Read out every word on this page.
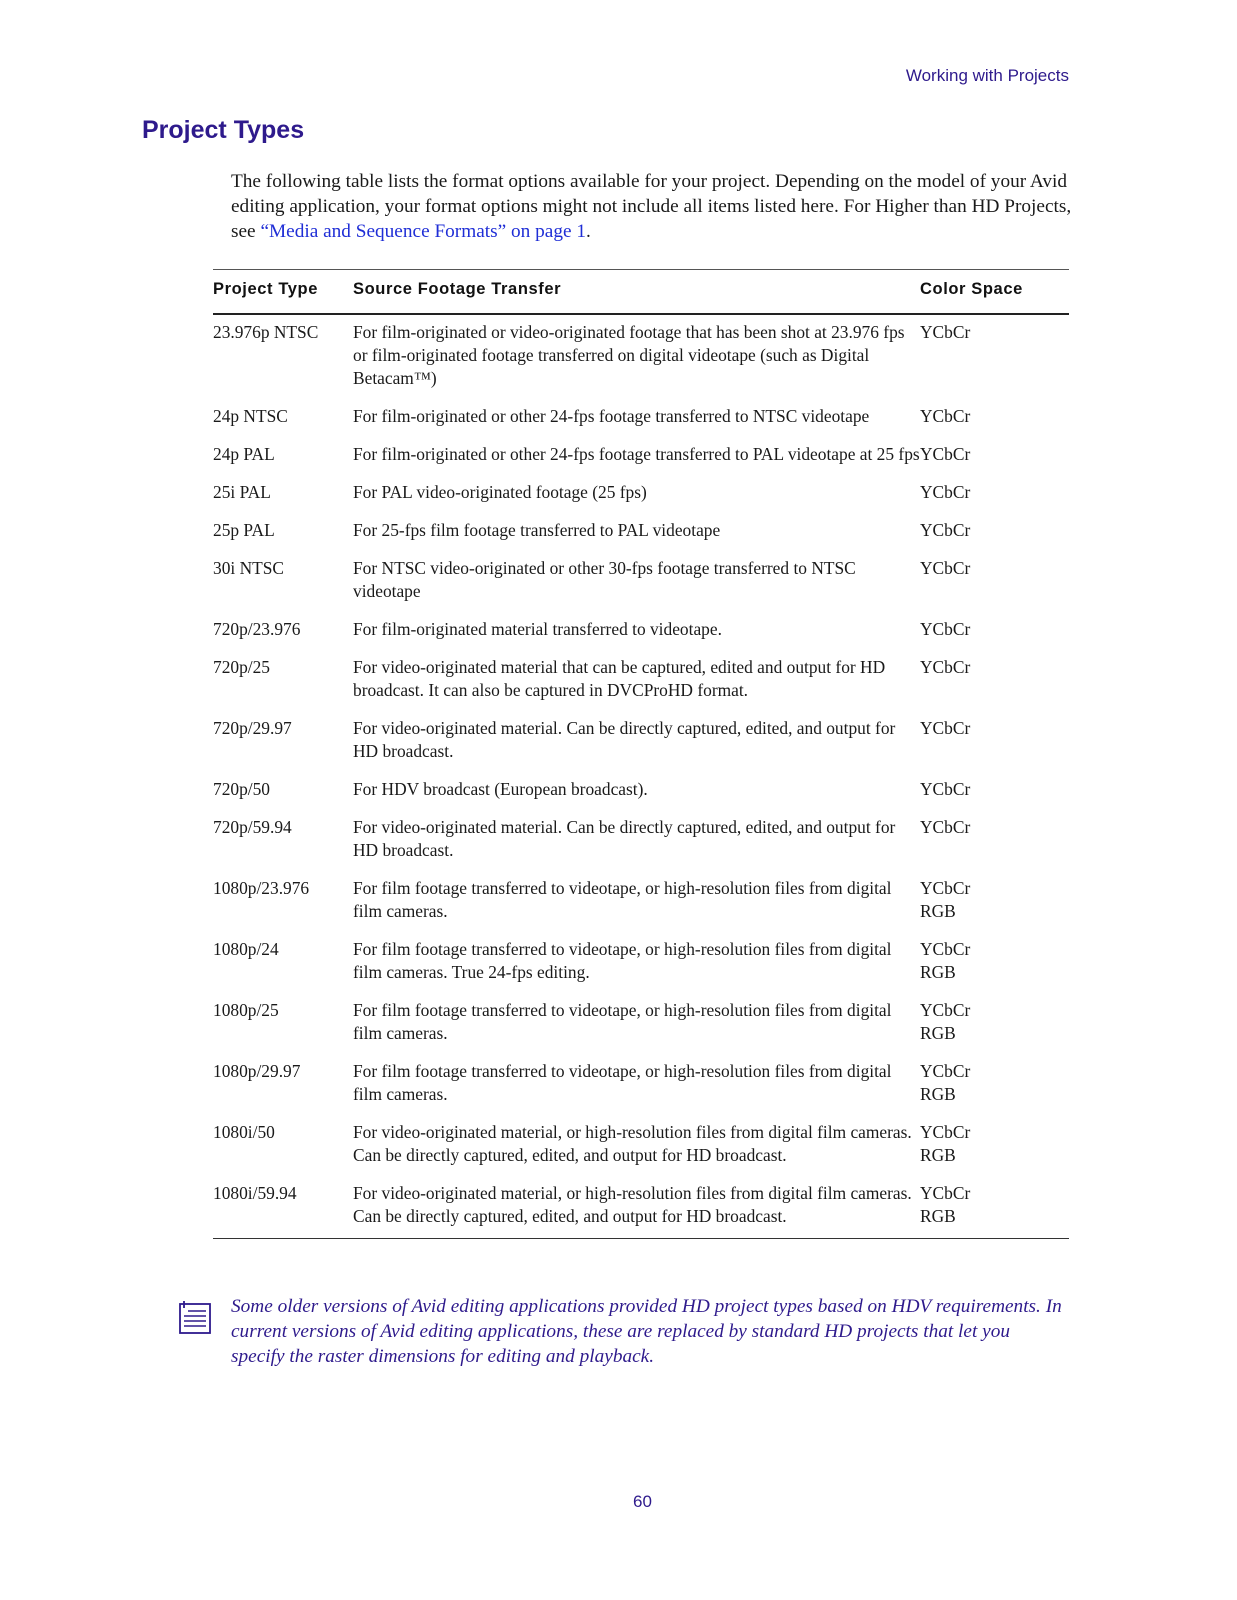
Working with Projects
Project Types

The following table lists the format options available for your project. Depending on the model of your Avid editing application, your format options might not include all items listed here. For Higher than HD Projects, see “Media and Sequence Formats” on page 1.

Project Type	Source Footage Transfer	Color Space
23.976p NTSC	For film-originated or video-originated footage that has been shot at 23.976 fps or film-originated footage transferred on digital videotape (such as Digital Betacam™)	YCbCr

24p NTSC	For film-originated or other 24-fps footage transferred to NTSC videotape	YCbCr

24p PAL	For film-originated or other 24-fps footage transferred to PAL videotape at 25 fps	YCbCr

25i PAL	For PAL video-originated footage (25 fps)	YCbCr

25p PAL	For 25-fps film footage transferred to PAL videotape	YCbCr

30i NTSC	For NTSC video-originated or other 30-fps footage transferred to NTSC videotape	YCbCr

720p/23.976	For film-originated material transferred to videotape.	YCbCr

720p/25	For video-originated material that can be captured, edited and output for HD broadcast. It can also be captured in DVCProHD format.	YCbCr

720p/29.97	For video-originated material. Can be directly captured, edited, and output for HD broadcast.	YCbCr

720p/50	For HDV broadcast (European broadcast).	YCbCr

720p/59.94	For video-originated material. Can be directly captured, edited, and output for HD broadcast.	YCbCr

1080p/23.976	For film footage transferred to videotape, or high-resolution files from digital film cameras.	YCbCr
RGB

1080p/24	For film footage transferred to videotape, or high-resolution files from digital film cameras. True 24-fps editing.	YCbCr
RGB

1080p/25	For film footage transferred to videotape, or high-resolution files from digital film cameras.	YCbCr
RGB

1080p/29.97	For film footage transferred to videotape, or high-resolution files from digital film cameras.	YCbCr
RGB

1080i/50	For video-originated material, or high-resolution files from digital film cameras. Can be directly captured, edited, and output for HD broadcast.	YCbCr
RGB

1080i/59.94	For video-originated material, or high-resolution files from digital film cameras. Can be directly captured, edited, and output for HD broadcast.	YCbCr
RGB

Some older versions of Avid editing applications provided HD project types based on HDV requirements. In current versions of Avid editing applications, these are replaced by standard HD projects that let you specify the raster dimensions for editing and playback.

60
